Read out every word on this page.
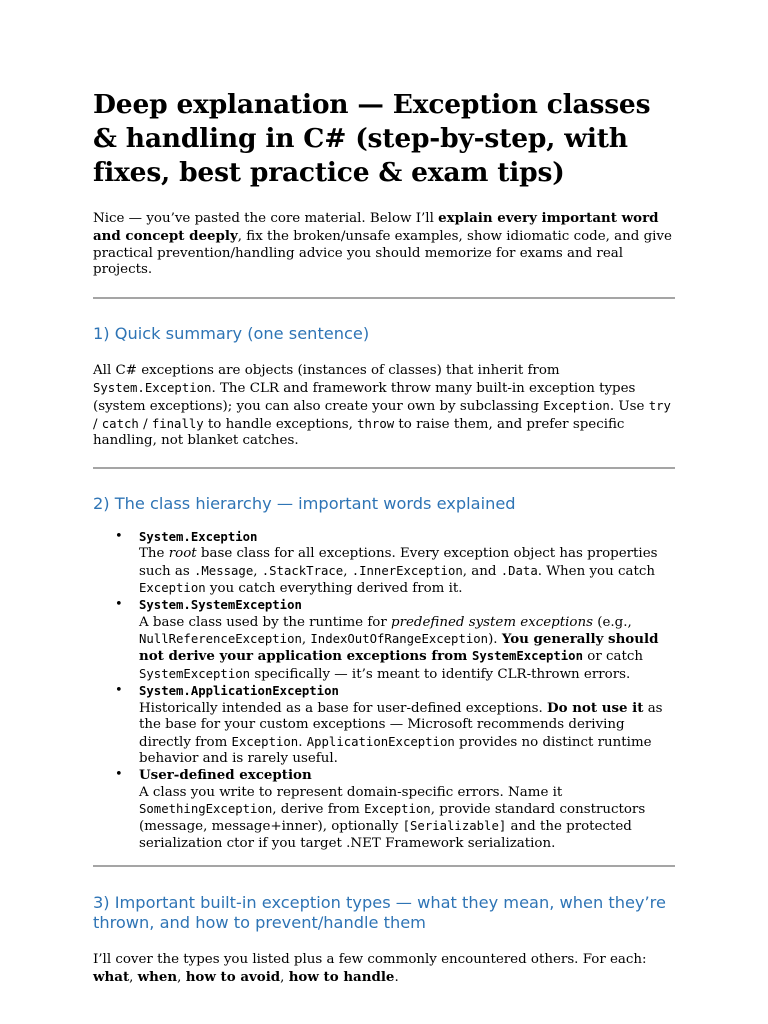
Deep explanation — Exception classes & handling in C# (step-by-step, with fixes, best practice & exam tips)

Nice — you’ve pasted the core material. Below I’ll explain every important word and concept deeply, fix the broken/unsafe examples, show idiomatic code, and give practical prevention/handling advice you should memorize for exams and real projects.

1) Quick summary (one sentence)

All C# exceptions are objects (instances of classes) that inherit from System.Exception. The CLR and framework throw many built-in exception types (system exceptions); you can also create your own by subclassing Exception. Use try / catch / finally to handle exceptions, throw to raise them, and prefer specific handling, not blanket catches.

2) The class hierarchy — important words explained
• System.Exception
The root base class for all exceptions. Every exception object has properties such as .Message, .StackTrace, .InnerException, and .Data. When you catch Exception you catch everything derived from it.
• System.SystemException
A base class used by the runtime for predefined system exceptions (e.g., NullReferenceException, IndexOutOfRangeException). You generally should not derive your application exceptions from SystemException or catch SystemException specifically — it’s meant to identify CLR-thrown errors.
• System.ApplicationException
Historically intended as a base for user-defined exceptions. Do not use it as the base for your custom exceptions — Microsoft recommends deriving directly from Exception. ApplicationException provides no distinct runtime behavior and is rarely useful.
• User-defined exception
A class you write to represent domain-specific errors. Name it SomethingException, derive from Exception, provide standard constructors (message, message+inner), optionally [Serializable] and the protected serialization ctor if you target .NET Framework serialization.
3) Important built-in exception types — what they mean, when they’re thrown, and how to prevent/handle them

I’ll cover the types you listed plus a few commonly encountered others. For each: what, when, how to avoid, how to handle.
